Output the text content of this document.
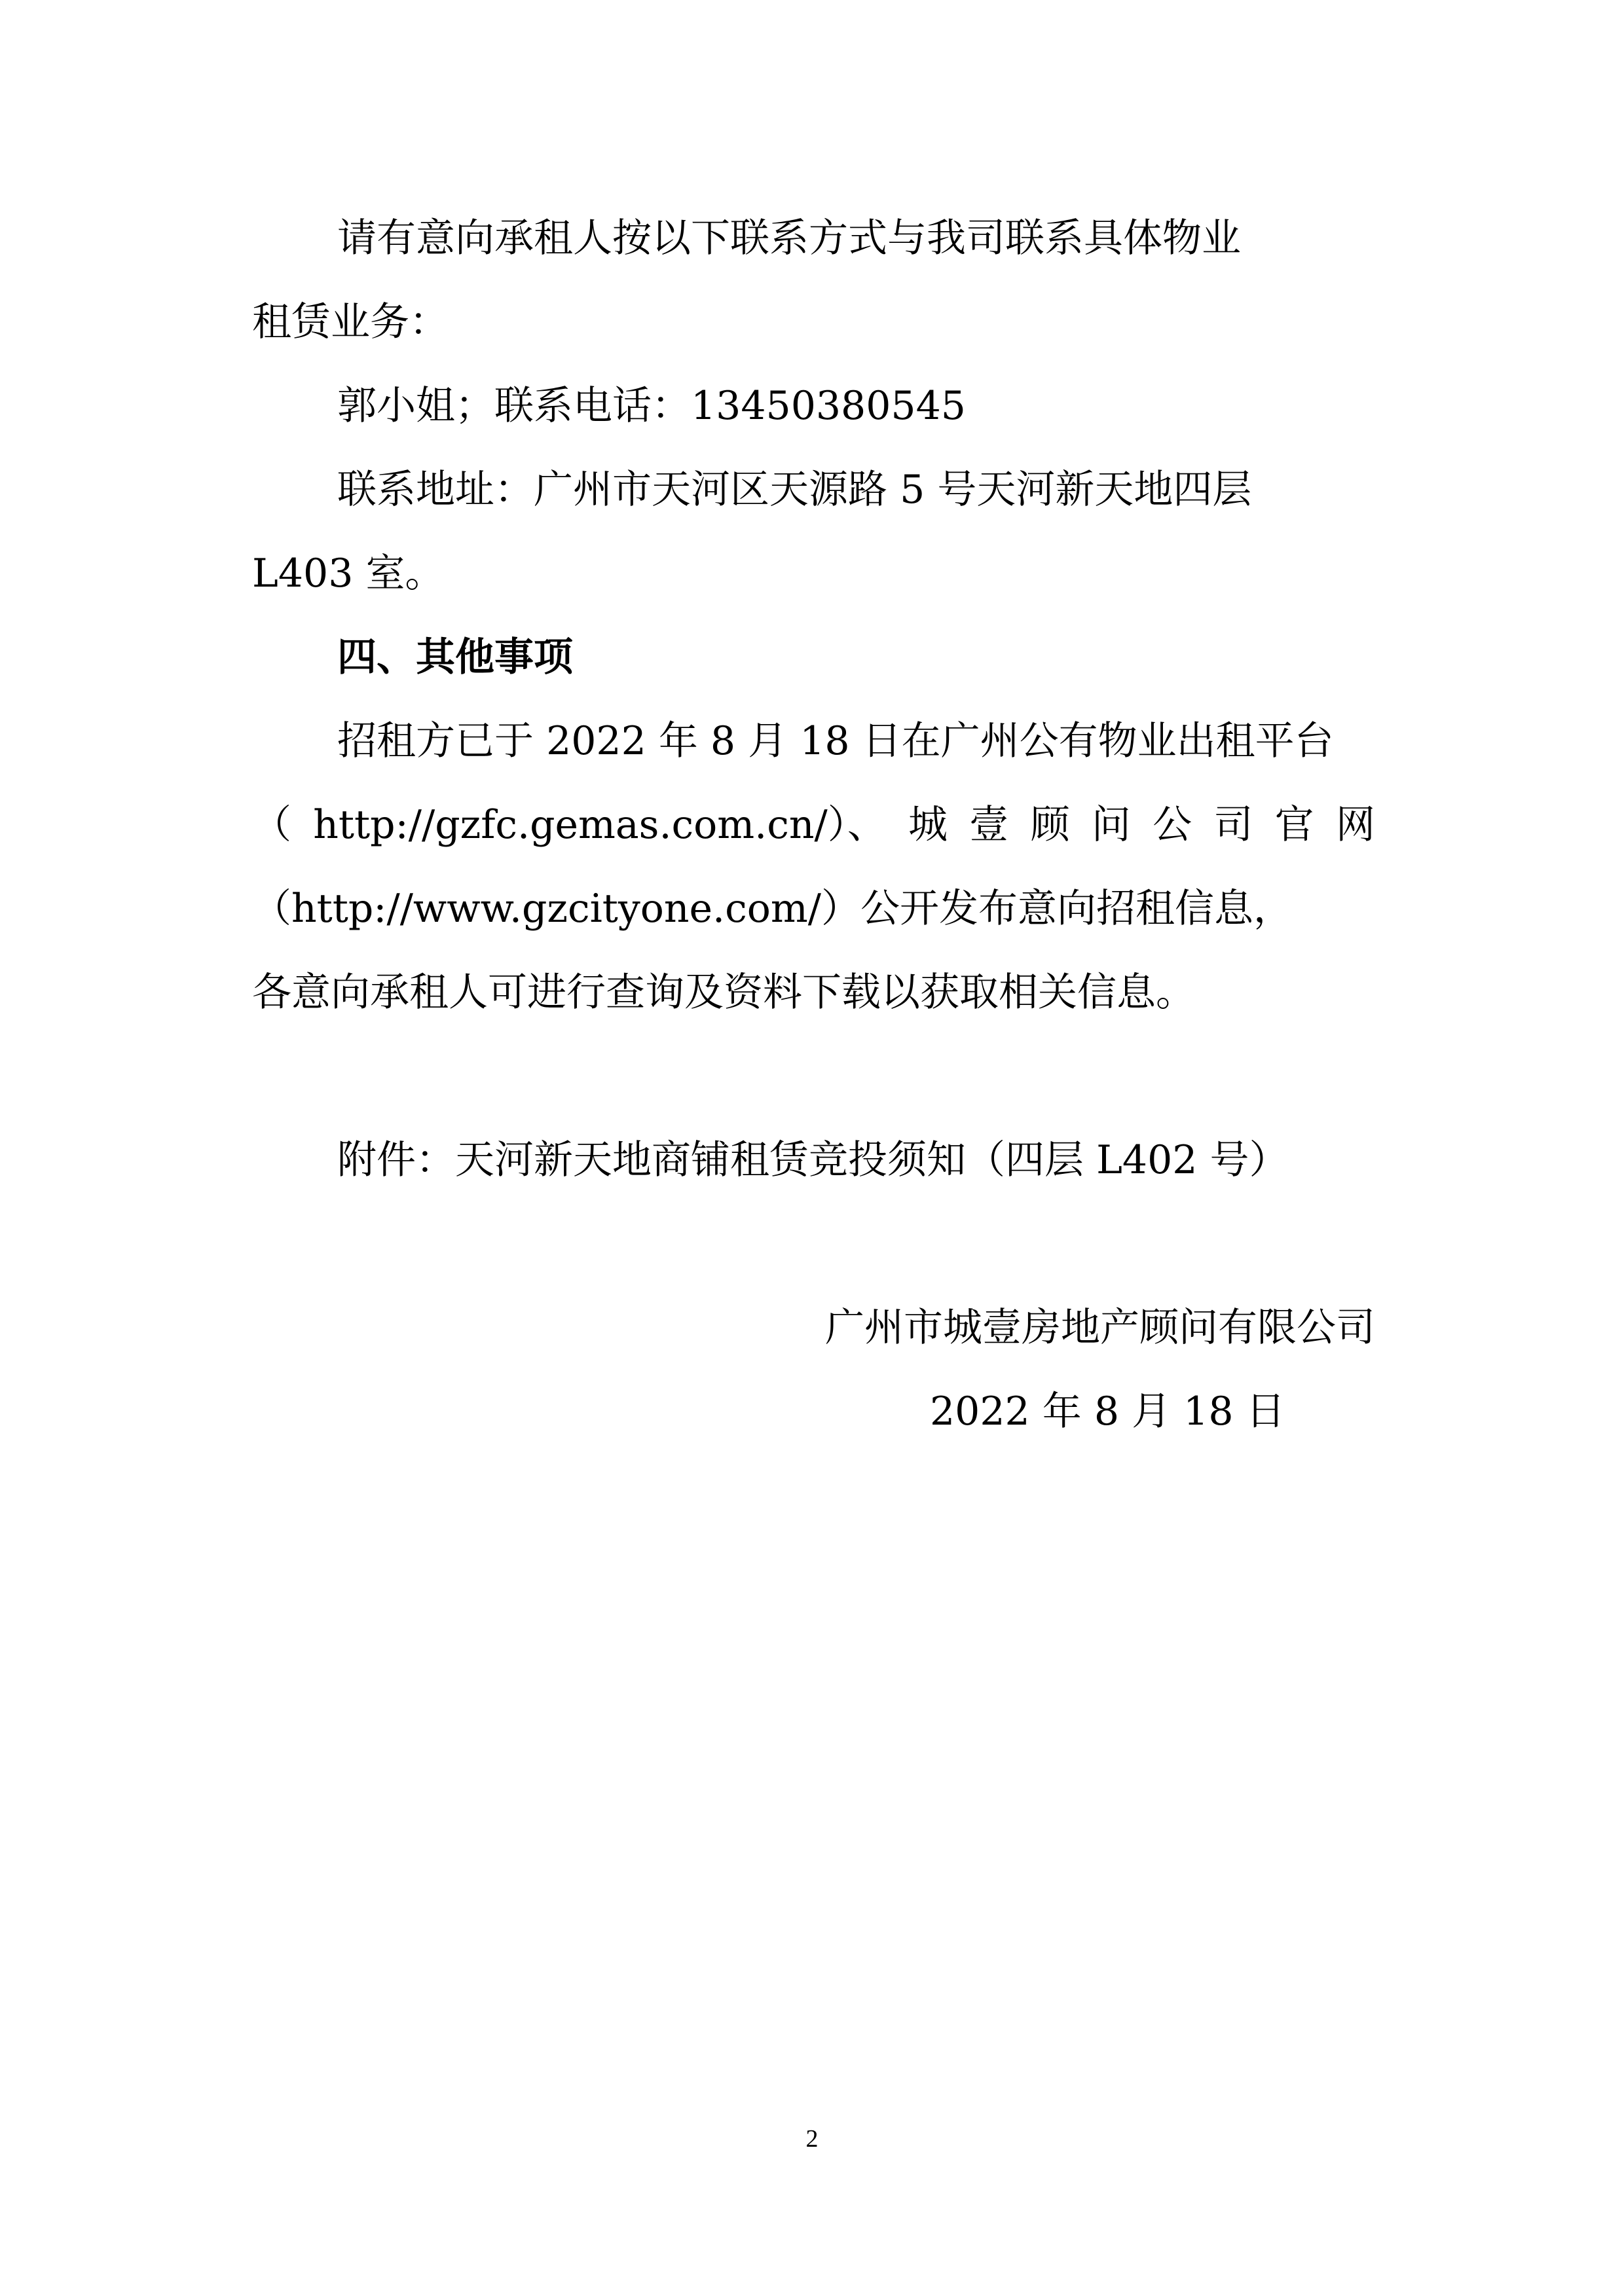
请有意向承租人按以下联系方式与我司联系具体物业
租赁业务：
郭小姐；联系电话：13450380545
联系地址：广州市天河区天源路 5 号天河新天地四层
L403 室。
四、其他事项
招租方已于 2022 年 8 月 18 日在广州公有物业出租平台
（ http://gzfc.gemas.com.cn/）、 城 壹 顾 问 公 司 官 网
（http://www.gzcityone.com/）公开发布意向招租信息，
各意向承租人可进行查询及资料下载以获取相关信息。
附件：天河新天地商铺租赁竞投须知（四层 L402 号）
广州市城壹房地产顾问有限公司
2022 年 8 月 18 日
2
